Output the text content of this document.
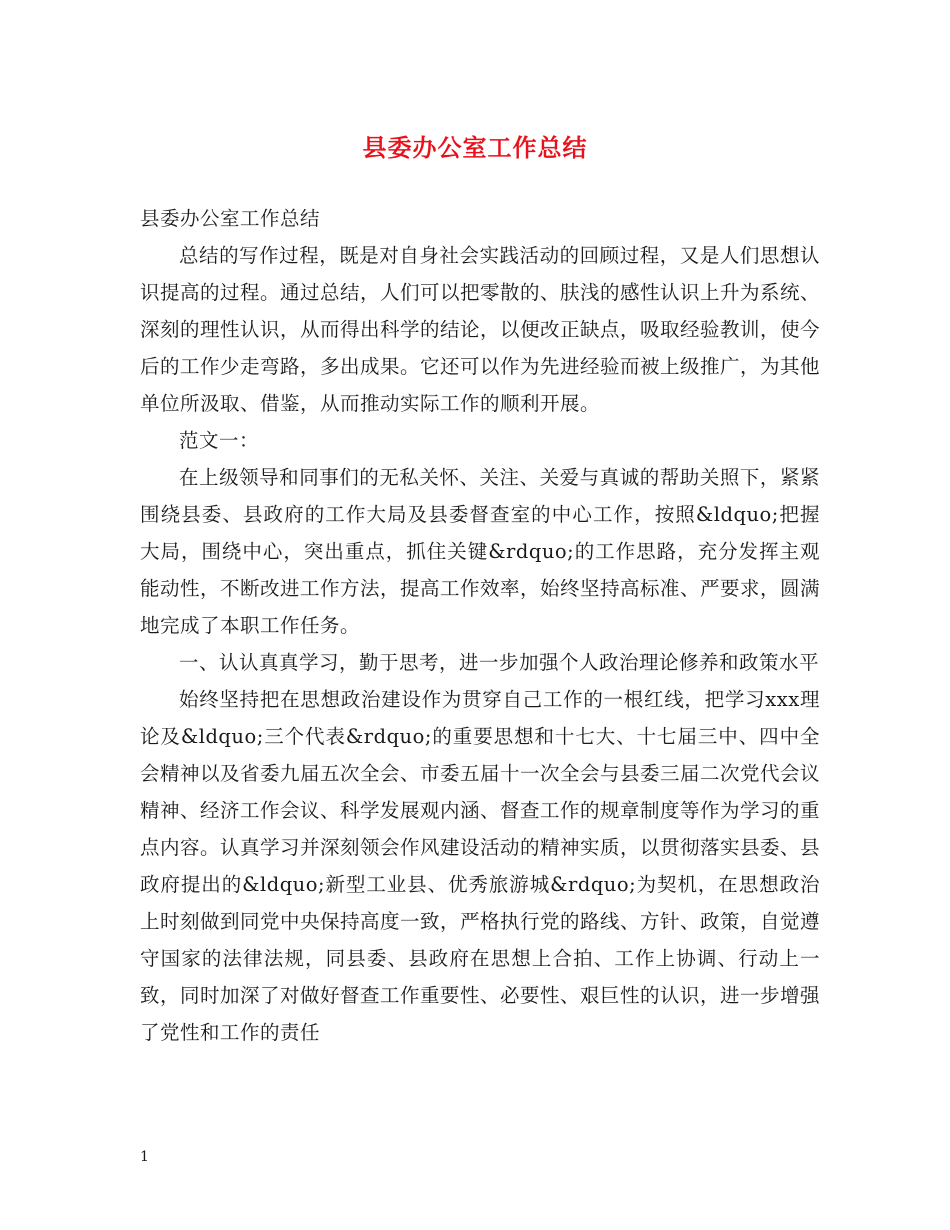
县委办公室工作总结

县委办公室工作总结

总结的写作过程，既是对自身社会实践活动的回顾过程，又是人们思想认识提高的过程。通过总结，人们可以把零散的、肤浅的感性认识上升为系统、深刻的理性认识，从而得出科学的结论，以便改正缺点，吸取经验教训，使今后的工作少走弯路，多出成果。它还可以作为先进经验而被上级推广，为其他单位所汲取、借鉴，从而推动实际工作的顺利开展。

范文一：

在上级领导和同事们的无私关怀、关注、关爱与真诚的帮助关照下，紧紧围绕县委、县政府的工作大局及县委督查室的中心工作，按照&ldquo;把握大局，围绕中心，突出重点，抓住关键&rdquo;的工作思路，充分发挥主观能动性，不断改进工作方法，提高工作效率，始终坚持高标准、严要求，圆满地完成了本职工作任务。

一、认认真真学习，勤于思考，进一步加强个人政治理论修养和政策水平

始终坚持把在思想政治建设作为贯穿自己工作的一根红线，把学习xxx理论及&ldquo;三个代表&rdquo;的重要思想和十七大、十七届三中、四中全会精神以及省委九届五次全会、市委五届十一次全会与县委三届二次党代会议精神、经济工作会议、科学发展观内涵、督查工作的规章制度等作为学习的重点内容。认真学习并深刻领会作风建设活动的精神实质，以贯彻落实县委、县政府提出的&ldquo;新型工业县、优秀旅游城&rdquo;为契机，在思想政治上时刻做到同党中央保持高度一致，严格执行党的路线、方针、政策，自觉遵守国家的法律法规，同县委、县政府在思想上合拍、工作上协调、行动上一致，同时加深了对做好督查工作重要性、必要性、艰巨性的认识，进一步增强了党性和工作的责任

1
